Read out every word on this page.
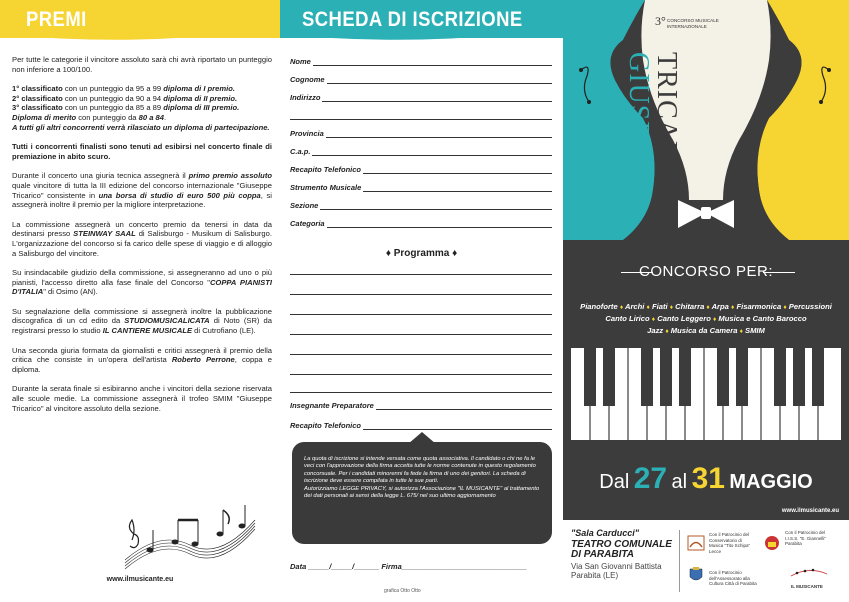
PREMI

Per tutte le categorie il vincitore assoluto sarà chi avrà riportato un punteggio non inferiore a 100/100.

1° classificato con un punteggio da 95 a 99 diploma di I premio.
2° classificato con un punteggio da 90 a 94 diploma di II premio.
3° classificato con un punteggio da 85 a 89 diploma di III premio.
Diploma di merito con punteggio da 80 a 84.
A tutti gli altri concorrenti verrà rilasciato un diploma di partecipazione.

Tutti i concorrenti finalisti sono tenuti ad esibirsi nel concerto finale di premiazione in abito scuro.

Durante il concerto una giuria tecnica assegnerà il primo premio assoluto quale vincitore di tutta la III edizione del concorso internazionale "Giuseppe Tricarico" consistente in una borsa di studio di euro 500 più coppa, si assegnerà inoltre il premio per la migliore interpretazione.

La commissione assegnerà un concerto premio da tenersi in data da destinarsi presso STEINWAY SAAL di Salisburgo - Musikum di Salisburgo. L'organizzazione del concorso si fa carico delle spese di viaggio e di alloggio a Salisburgo del vincitore.

Su insindacabile giudizio della commissione, si assegneranno ad uno o più pianisti, l'accesso diretto alla fase finale del Concorso "COPPA PIANISTI D'ITALIA" di Osimo (AN).

Su segnalazione della commissione si assegnerà inoltre la pubblicazione discografica di un cd edito da STUDIOMUSICALICATA di Noto (SR) da registrarsi presso lo studio IL CANTIERE MUSICALE di Cutrofiano (LE).

Una seconda giuria formata da giornalisti e critici assegnerà il premio della critica che consiste in un'opera dell'artista Roberto Perrone, coppa e diploma.

Durante la serata finale si esibiranno anche i vincitori della sezione riservata alle scuole medie. La commissione assegnerà il trofeo SMIM "Giuseppe Tricarico" al vincitore assoluto della sezione.

www.ilmusicante.eu
SCHEDA DI ISCRIZIONE
Nome
Cognome
Indirizzo
Provincia
C.a.p.
Recapito Telefonico
Strumento Musicale
Sezione
Categoria
♦ Programma ♦
Insegnante Preparatore
Recapito Telefonico
La quota di iscrizione si intende versata come quota associativa. Il candidato o chi ne fa le veci con l'approvazione della firma accetta tutte le norme contenute in questo regolamento concorsuale. Per i candidati minorenni fa fede la firma di uno dei genitori. La scheda di iscrizione deve essere compilata in tutte le sue parti.
Autorizziamo LEGGE PRIVACY, si autorizza l'Associazione "IL MUSICANTE" al trattamento dei dati personali ai sensi della legge L. 675/ nel suo ultimo aggiornamento
Data _____/_____/______ Firma______________________________
grafica Otto Otto
3° CONCORSO MUSICALE INTERNAZIONALE
GIUSEPPE
TRICARICO
CONCORSO PER:
Pianoforte ♦ Archi ♦ Fiati ♦ Chitarra ♦ Arpa ♦ Fisarmonica ♦ Percussioni
Canto Lirico ♦ Canto Leggero ♦ Musica e Canto Barocco
Jazz ♦ Musica da Camera ♦ SMIM
Dal 27 al 31 MAGGIO
www.ilmusicante.eu
"Sala Carducci"
TEATRO COMUNALE DI PARABITA
Via San Giovanni Battista Parabita (LE)
Con il Patrocinio del Conservatorio di Musica "Tito Schipa" Lecce
Con il Patrocinio del I.I.S.S. "E. Giannelli" Parabita
Con il Patrocinio dell'Assessorato alla Cultura Città di Parabita
IL MUSICANTE
